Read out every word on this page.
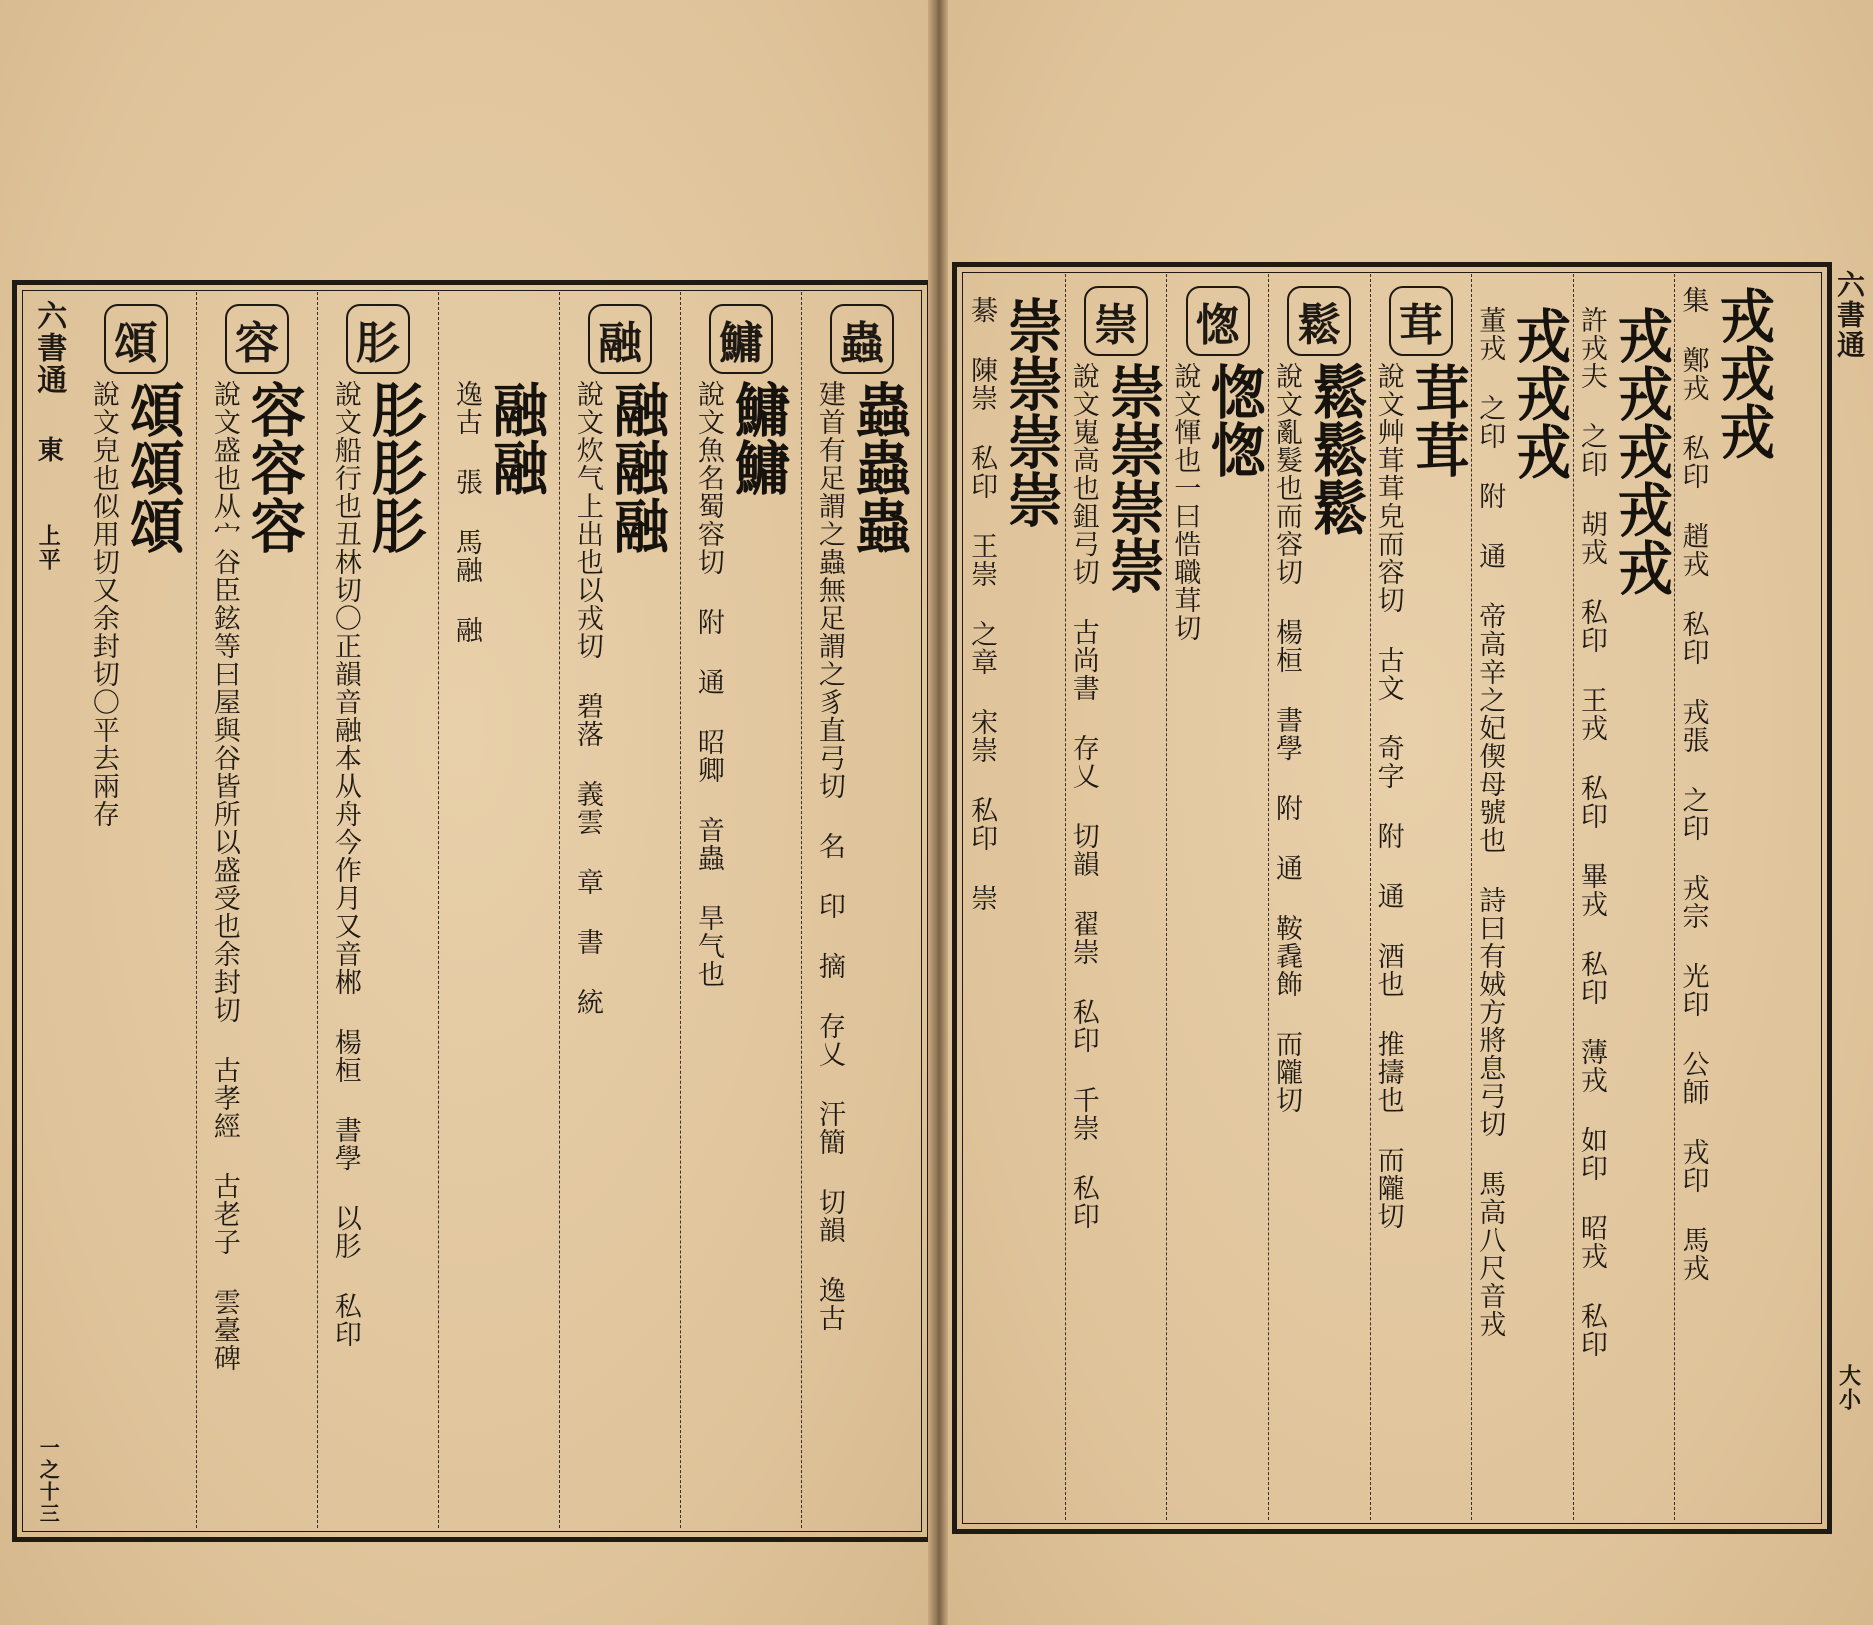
六書通
東
上平
一之十三
蟲
蟲蟲蟲
建首有足謂之蟲無足謂之豸直弓切 名 印 摘 存乂 汗簡 切韻 逸古
鱅
鱅鱅
說文魚名蜀容切 附 通 昭卿 音蟲 旱气也
融
融融融
說文炊气上出也以戎切 碧落 義雲 章 書 統
融融
逸古 張 馬融 融
肜
肜肜肜
說文船行也丑林切〇正韻音融本从舟今作月又音郴 楊桓 書學 以肜 私印
容
容容容
說文盛也从宀谷臣鉉等曰屋與谷皆所以盛受也余封切 古孝經 古老子 雲臺碑
頌
頌頌頌
說文皃也似用切又余封切〇平去兩存
六書通
大小
戎戎戎
集 鄭戎 私印 趙戎 私印 戎張 之印 戎宗 光印 公師 戎印 馬戎
戎戎戎戎戎
許戎夫 之印 胡戎 私印 王戎 私印 畢戎 私印 薄戎 如印 昭戎 私印
戎戎戎
董戎 之印 附 通 帝高辛之妃偰母號也 詩曰有娀方將息弓切 馬高八尺音戎
茸
茸茸
說文艸茸茸皃而容切 古文 奇字 附 通 酒也 推擣也 而隴切
鬆
鬆鬆鬆
說文亂髮也而容切 楊桓 書學 附 通 鞍毳飾 而隴切
愡
愡愡
說文惲也一曰悎職茸切
崇
崇崇崇崇
說文嵬高也鉏弓切 古尚書 存乂 切韻 翟崇 私印 千崇 私印
崇崇崇崇
綦 陳崇 私印 王崇 之章 宋崇 私印 崇
